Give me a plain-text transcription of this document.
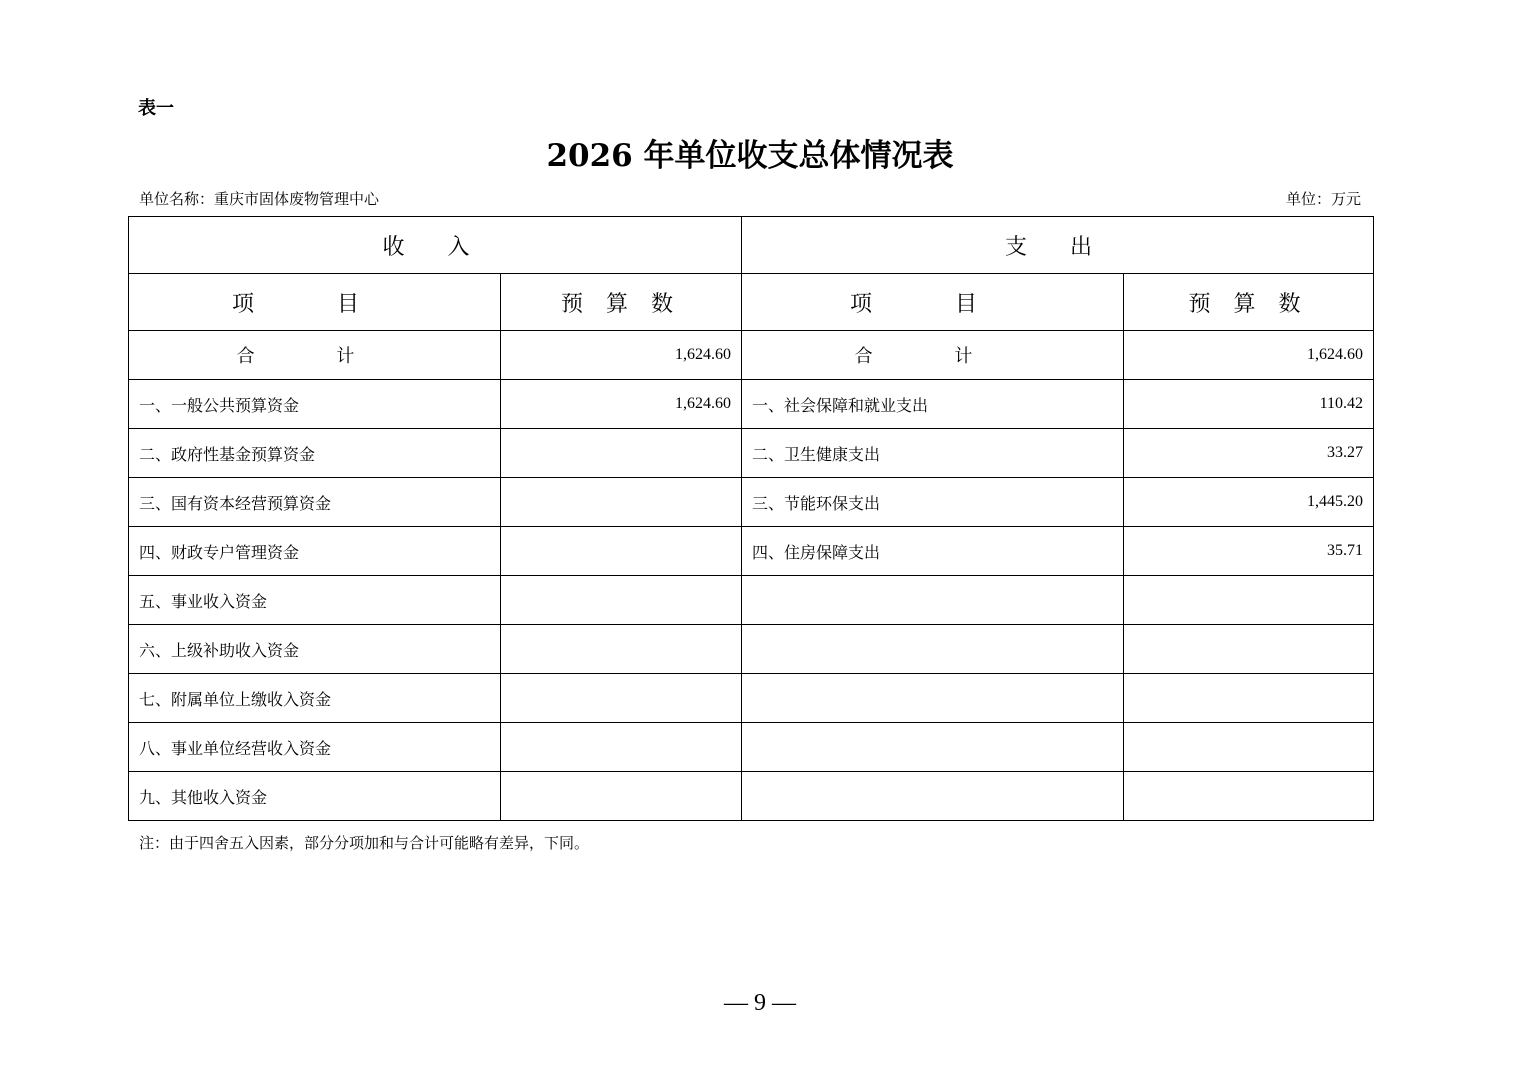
表一
2026 年单位收支总体情况表
单位名称：重庆市固体废物管理中心	单位：万元
收 入		支 出	
项 目	预 算 数	项 目	预 算 数
合 计	1,624.60	合 计	1,624.60
一、一般公共预算资金	1,624.60	一、社会保障和就业支出	110.42
二、政府性基金预算资金		二、卫生健康支出	33.27
三、国有资本经营预算资金		三、节能环保支出	1,445.20
四、财政专户管理资金		四、住房保障支出	35.71
五、事业收入资金			
六、上级补助收入资金			
七、附属单位上缴收入资金			
八、事业单位经营收入资金			
九、其他收入资金			
注：由于四舍五入因素，部分分项加和与合计可能略有差异，下同。
— 9 —
